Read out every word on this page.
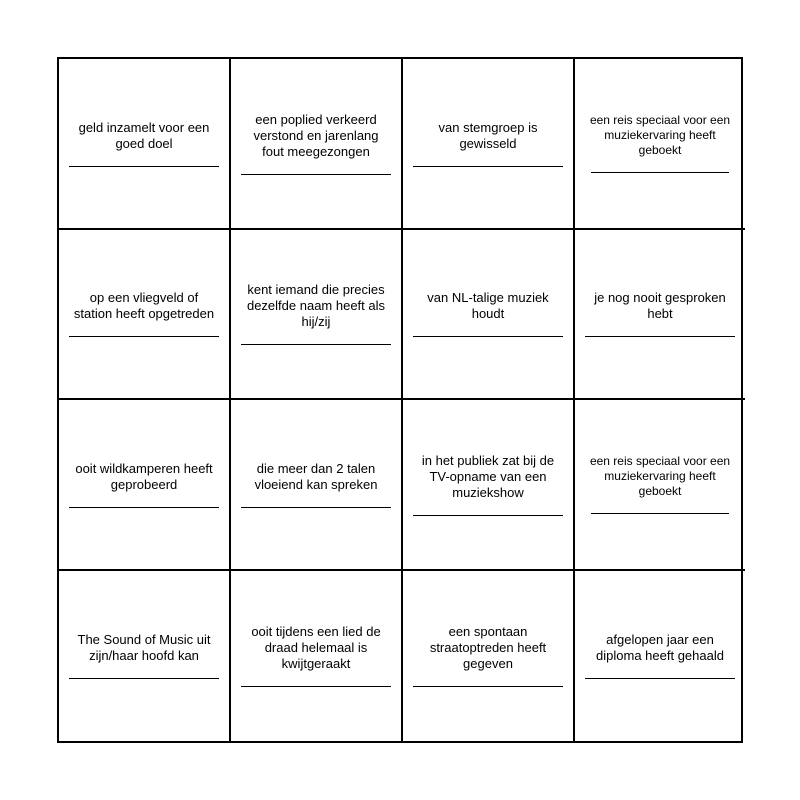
geld inzamelt voor een goed doel
een poplied verkeerd verstond en jarenlang fout meegezongen
van stemgroep is gewisseld
een reis speciaal voor een muziekervaring heeft geboekt
op een vliegveld of station heeft opgetreden
kent iemand die precies dezelfde naam heeft als hij/zij
van NL-talige muziek houdt
je nog nooit gesproken hebt
ooit wildkamperen heeft geprobeerd
die meer dan 2 talen vloeiend kan spreken
in het publiek zat bij de TV-opname van een muziekshow
een reis speciaal voor een muziekervaring heeft geboekt
The Sound of Music uit zijn/haar hoofd kan
ooit tijdens een lied de draad helemaal is kwijtgeraakt
een spontaan straatoptreden heeft gegeven
afgelopen jaar een diploma heeft gehaald
